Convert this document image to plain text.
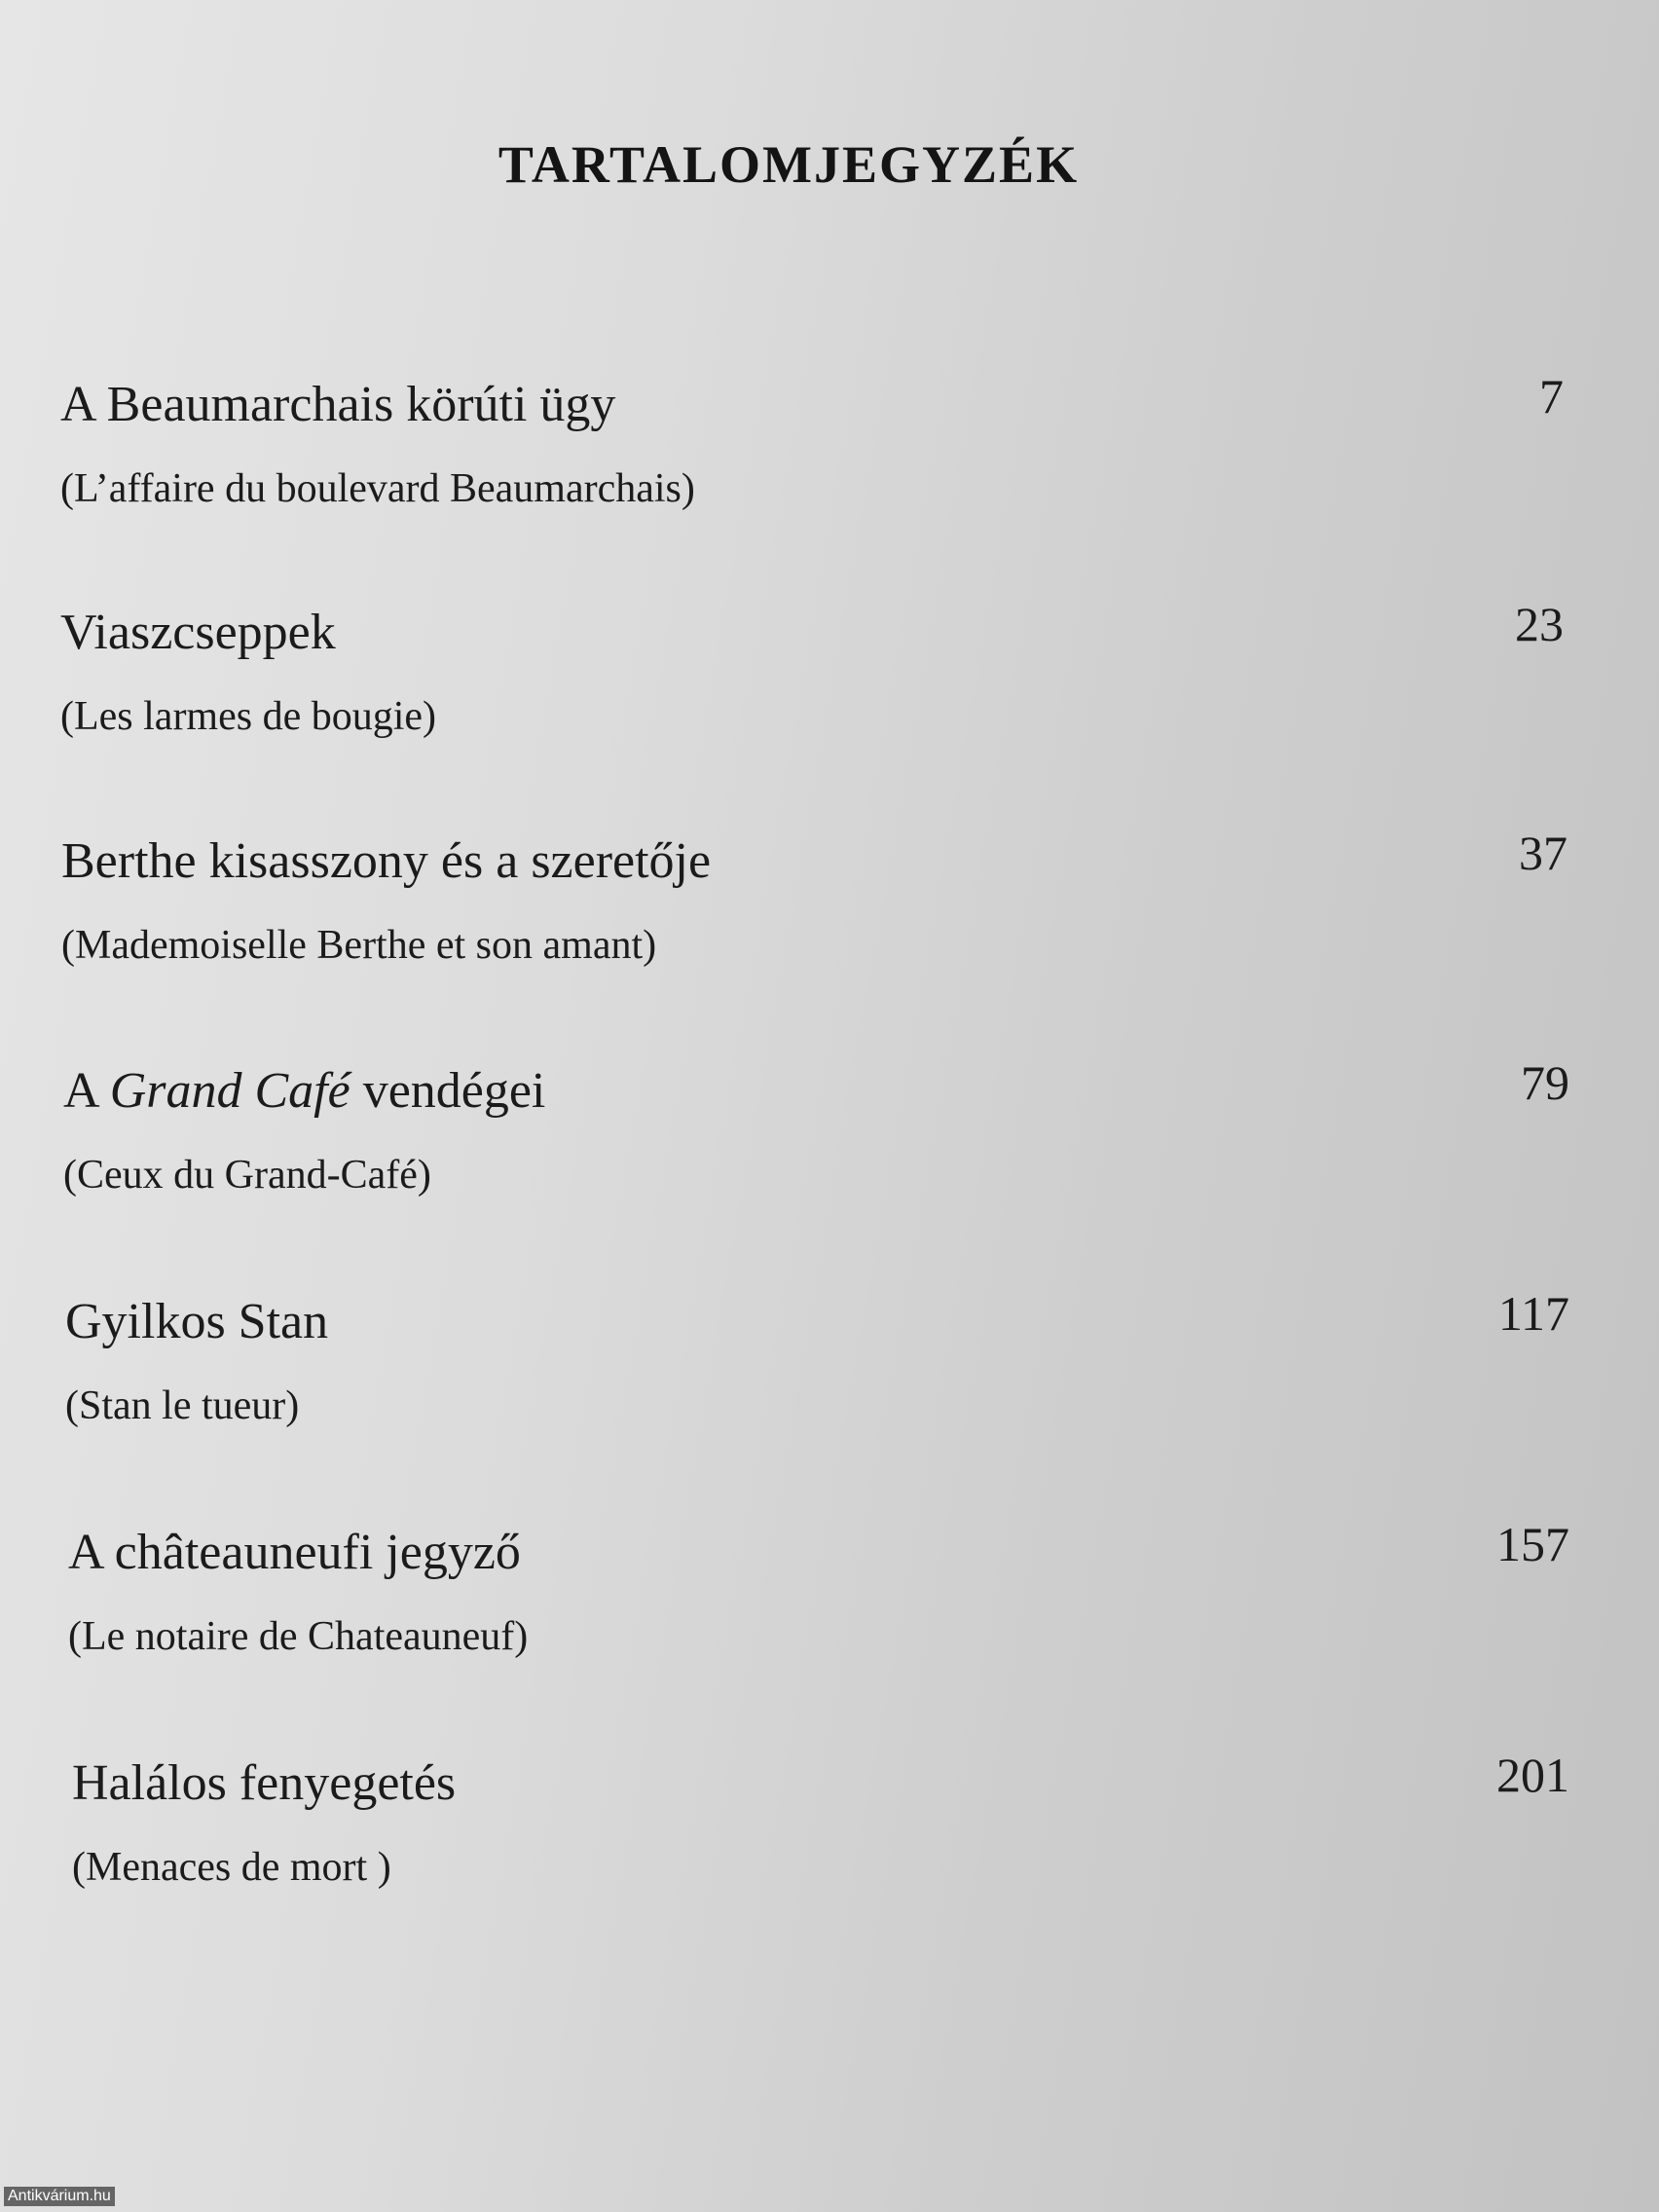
TARTALOMJEGYZÉK
A Beaumarchais körúti ügy	7
(L’affaire du boulevard Beaumarchais)
Viaszcseppek	23
(Les larmes de bougie)
Berthe kisasszony és a szeretője	37
(Mademoiselle Berthe et son amant)
A Grand Café vendégei	79
(Ceux du Grand-Café)
Gyilkos Stan	117
(Stan le tueur)
A châteauneufi jegyző	157
(Le notaire de Chateauneuf)
Halálos fenyegetés	201
(Menaces de mort )
Antikvárium.hu
